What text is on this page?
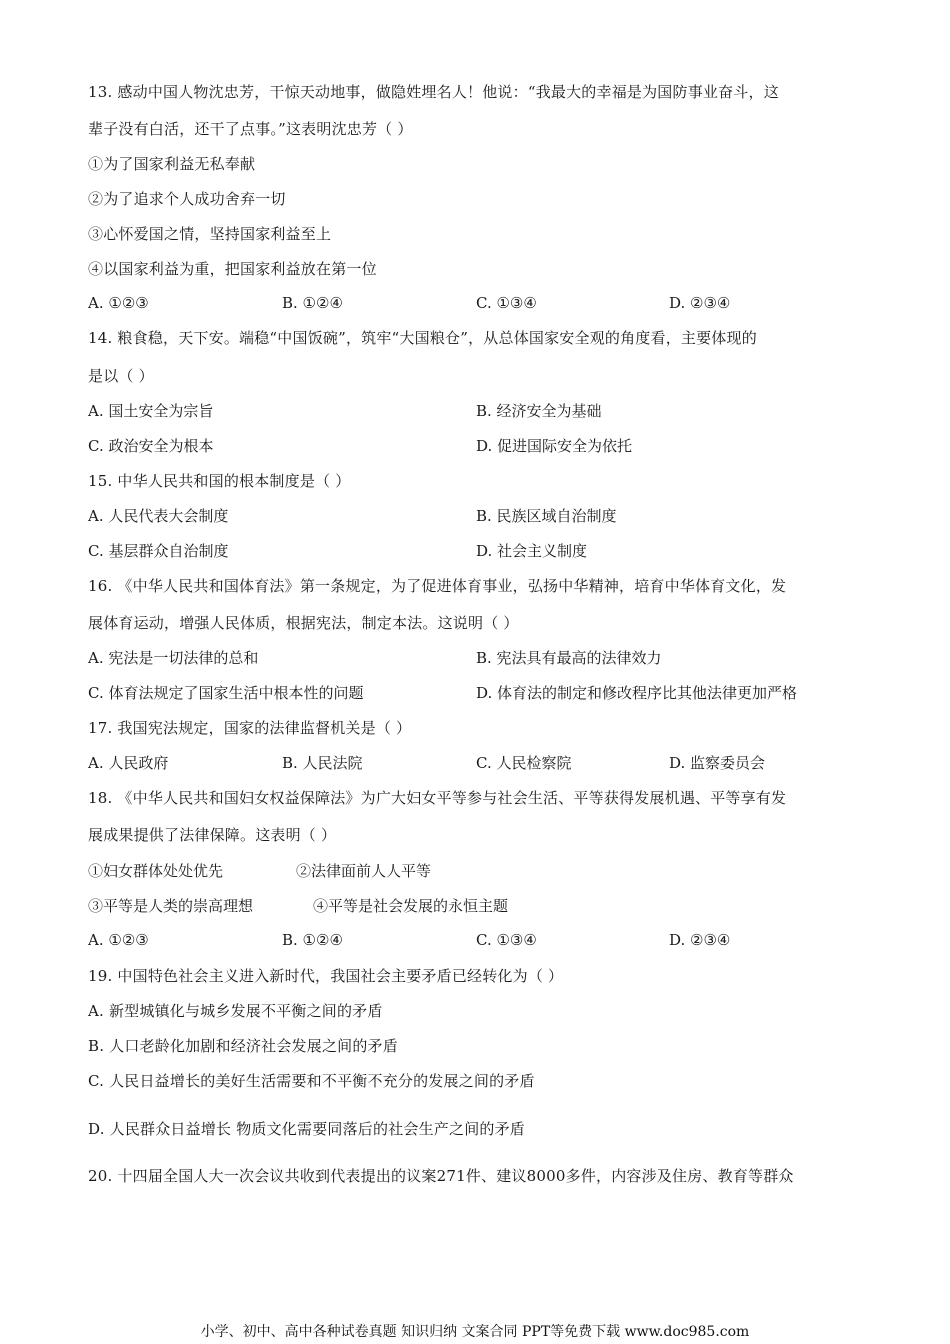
13. 感动中国人物沈忠芳，干惊天动地事，做隐姓埋名人！他说：“我最大的幸福是为国防事业奋斗，这
辈子没有白活，还干了点事。”这表明沈忠芳（ ）
①为了国家利益无私奉献
②为了追求个人成功舍弃一切
③心怀爱国之情，坚持国家利益至上
④以国家利益为重，把国家利益放在第一位
A. ①②③	B. ①②④	C. ①③④	D. ②③④
14. 粮食稳，天下安。端稳“中国饭碗”，筑牢“大国粮仓”，从总体国家安全观的角度看，主要体现的
是以（ ）
A. 国土安全为宗旨	B. 经济安全为基础
C. 政治安全为根本	D. 促进国际安全为依托
15. 中华人民共和国的根本制度是（ ）
A. 人民代表大会制度	B. 民族区域自治制度
C. 基层群众自治制度	D. 社会主义制度
16. 《中华人民共和国体育法》第一条规定，为了促进体育事业，弘扬中华精神，培育中华体育文化，发
展体育运动，增强人民体质，根据宪法，制定本法。这说明（ ）
A. 宪法是一切法律的总和	B. 宪法具有最高的法律效力
C. 体育法规定了国家生活中根本性的问题	D. 体育法的制定和修改程序比其他法律更加严格
17. 我国宪法规定，国家的法律监督机关是（ ）
A. 人民政府	B. 人民法院	C. 人民检察院	D. 监察委员会
18. 《中华人民共和国妇女权益保障法》为广大妇女平等参与社会生活、平等获得发展机遇、平等享有发
展成果提供了法律保障。这表明（ ）
①妇女群体处处优先	②法律面前人人平等
③平等是人类的崇高理想	④平等是社会发展的永恒主题
A. ①②③	B. ①②④	C. ①③④	D. ②③④
19. 中国特色社会主义进入新时代，我国社会主要矛盾已经转化为（ ）
A. 新型城镇化与城乡发展不平衡之间的矛盾
B. 人口老龄化加剧和经济社会发展之间的矛盾
C. 人民日益增长的美好生活需要和不平衡不充分的发展之间的矛盾
D. 人民群众日益增长 物质文化需要同落后的社会生产之间的矛盾
20. 十四届全国人大一次会议共收到代表提出的议案271件、建议8000多件，内容涉及住房、教育等群众
小学、初中、高中各种试卷真题 知识归纳 文案合同 PPT等免费下载 www.doc985.com
